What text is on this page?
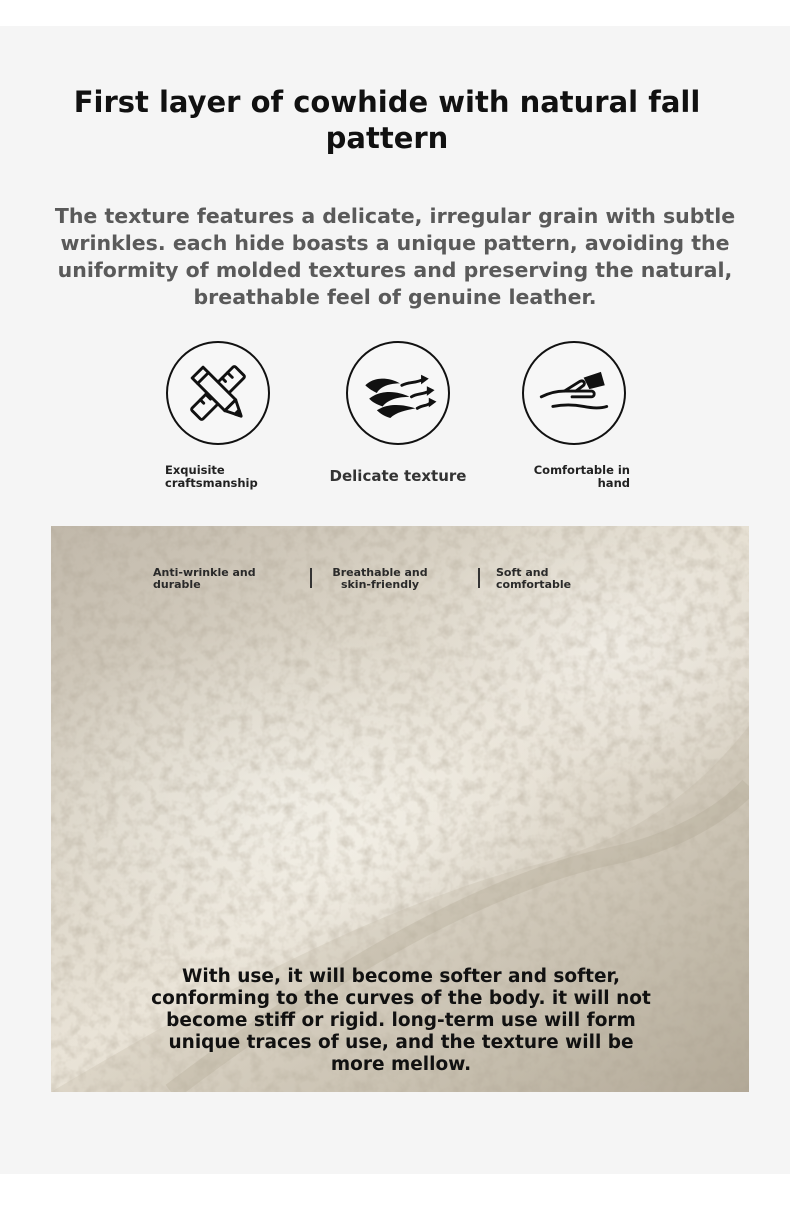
First layer of cowhide with natural fall pattern

The texture features a delicate, irregular grain with subtle wrinkles. each hide boasts a unique pattern, avoiding the uniformity of molded textures and preserving the natural, breathable feel of genuine leather.

Exquisite craftsmanship	Delicate texture	Comfortable in hand
Anti-wrinkle and durable
Breathable and skin-friendly
Soft and comfortable

With use, it will become softer and softer, conforming to the curves of the body. it will not become stiff or rigid. long-term use will form unique traces of use, and the texture will be more mellow.
